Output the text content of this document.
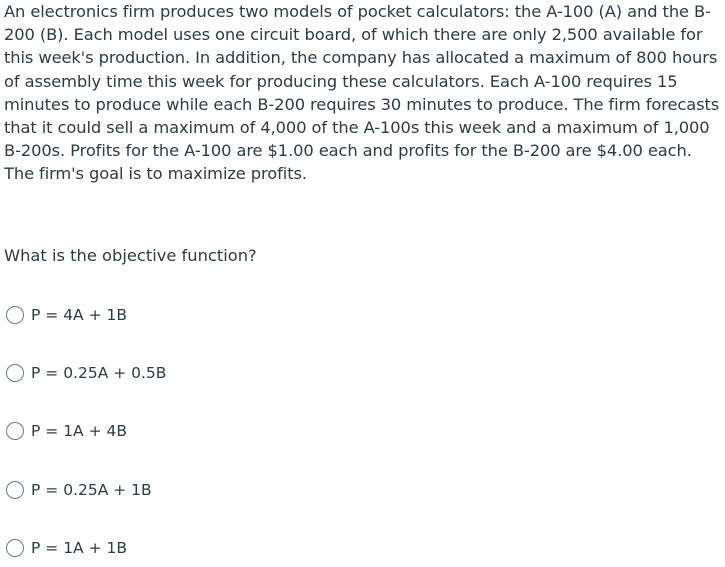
An electronics firm produces two models of pocket calculators: the A-100 (A) and the B-200 (B). Each model uses one circuit board, of which there are only 2,500 available for this week's production. In addition, the company has allocated a maximum of 800 hours of assembly time this week for producing these calculators. Each A-100 requires 15 minutes to produce while each B-200 requires 30 minutes to produce. The firm forecasts that it could sell a maximum of 4,000 of the A-100s this week and a maximum of 1,000 B-200s. Profits for the A-100 are $1.00 each and profits for the B-200 are $4.00 each. The firm's goal is to maximize profits.

What is the objective function?

P = 4A + 1B
P = 0.25A + 0.5B
P = 1A + 4B
P = 0.25A + 1B
P = 1A + 1B
